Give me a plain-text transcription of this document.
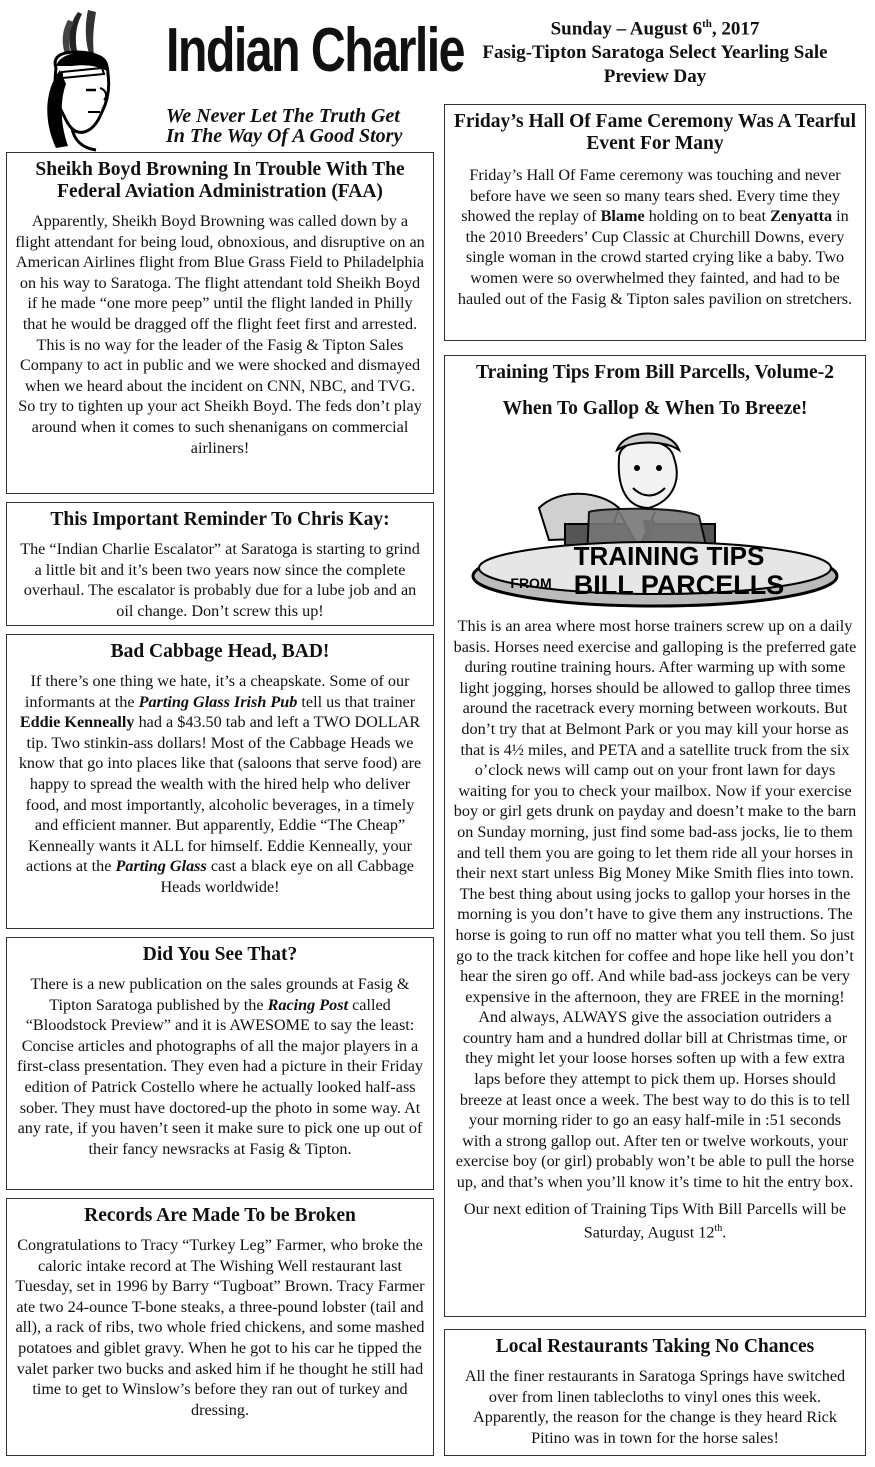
Indian Charlie
We Never Let The Truth Get
In The Way Of A Good Story
Sheikh Boyd Browning In Trouble With The Federal Aviation Administration (FAA)

Apparently, Sheikh Boyd Browning was called down by a flight attendant for being loud, obnoxious, and disruptive on an American Airlines flight from Blue Grass Field to Philadelphia on his way to Saratoga. The flight attendant told Sheikh Boyd if he made “one more peep” until the flight landed in Philly that he would be dragged off the flight feet first and arrested. This is no way for the leader of the Fasig & Tipton Sales Company to act in public and we were shocked and dismayed when we heard about the incident on CNN, NBC, and TVG. So try to tighten up your act Sheikh Boyd. The feds don’t play around when it comes to such shenanigans on commercial airliners!

This Important Reminder To Chris Kay:

The “Indian Charlie Escalator” at Saratoga is starting to grind a little bit and it’s been two years now since the complete overhaul. The escalator is probably due for a lube job and an oil change. Don’t screw this up!

Bad Cabbage Head, BAD!

If there’s one thing we hate, it’s a cheapskate. Some of our informants at the Parting Glass Irish Pub tell us that trainer Eddie Kenneally had a $43.50 tab and left a TWO DOLLAR tip. Two stinkin-ass dollars! Most of the Cabbage Heads we know that go into places like that (saloons that serve food) are happy to spread the wealth with the hired help who deliver food, and most importantly, alcoholic beverages, in a timely and efficient manner. But apparently, Eddie “The Cheap” Kenneally wants it ALL for himself. Eddie Kenneally, your actions at the Parting Glass cast a black eye on all Cabbage Heads worldwide!

Did You See That?

There is a new publication on the sales grounds at Fasig & Tipton Saratoga published by the Racing Post called “Bloodstock Preview” and it is AWESOME to say the least: Concise articles and photographs of all the major players in a first-class presentation. They even had a picture in their Friday edition of Patrick Costello where he actually looked half-ass sober. They must have doctored-up the photo in some way. At any rate, if you haven’t seen it make sure to pick one up out of their fancy newsracks at Fasig & Tipton.

Records Are Made To be Broken

Congratulations to Tracy “Turkey Leg” Farmer, who broke the caloric intake record at The Wishing Well restaurant last Tuesday, set in 1996 by Barry “Tugboat” Brown. Tracy Farmer ate two 24-ounce T-bone steaks, a three-pound lobster (tail and all), a rack of ribs, two whole fried chickens, and some mashed potatoes and giblet gravy. When he got to his car he tipped the valet parker two bucks and asked him if he thought he still had time to get to Winslow’s before they ran out of turkey and dressing.

Sunday – August 6th, 2017
Fasig-Tipton Saratoga Select Yearling Sale
Preview Day
Friday’s Hall Of Fame Ceremony Was A Tearful Event For Many

Friday’s Hall Of Fame ceremony was touching and never before have we seen so many tears shed. Every time they showed the replay of Blame holding on to beat Zenyatta in the 2010 Breeders’ Cup Classic at Churchill Downs, every single woman in the crowd started crying like a baby. Two women were so overwhelmed they fainted, and had to be hauled out of the Fasig & Tipton sales pavilion on stretchers.

Training Tips From Bill Parcells, Volume-2
When To Gallop & When To Breeze!
TRAINING TIPS
FROM BILL PARCELLS

This is an area where most horse trainers screw up on a daily basis. Horses need exercise and galloping is the preferred gate during routine training hours. After warming up with some light jogging, horses should be allowed to gallop three times around the racetrack every morning between workouts. But don’t try that at Belmont Park or you may kill your horse as that is 4½ miles, and PETA and a satellite truck from the six o’clock news will camp out on your front lawn for days waiting for you to check your mailbox. Now if your exercise boy or girl gets drunk on payday and doesn’t make to the barn on Sunday morning, just find some bad-ass jocks, lie to them and tell them you are going to let them ride all your horses in their next start unless Big Money Mike Smith flies into town. The best thing about using jocks to gallop your horses in the morning is you don’t have to give them any instructions. The horse is going to run off no matter what you tell them. So just go to the track kitchen for coffee and hope like hell you don’t hear the siren go off. And while bad-ass jockeys can be very expensive in the afternoon, they are FREE in the morning! And always, ALWAYS give the association outriders a country ham and a hundred dollar bill at Christmas time, or they might let your loose horses soften up with a few extra laps before they attempt to pick them up. Horses should breeze at least once a week. The best way to do this is to tell your morning rider to go an easy half-mile in :51 seconds with a strong gallop out. After ten or twelve workouts, your exercise boy (or girl) probably won’t be able to pull the horse up, and that’s when you’ll know it’s time to hit the entry box.

Our next edition of Training Tips With Bill Parcells will be Saturday, August 12th.

Local Restaurants Taking No Chances

All the finer restaurants in Saratoga Springs have switched over from linen tablecloths to vinyl ones this week. Apparently, the reason for the change is they heard Rick Pitino was in town for the horse sales!
